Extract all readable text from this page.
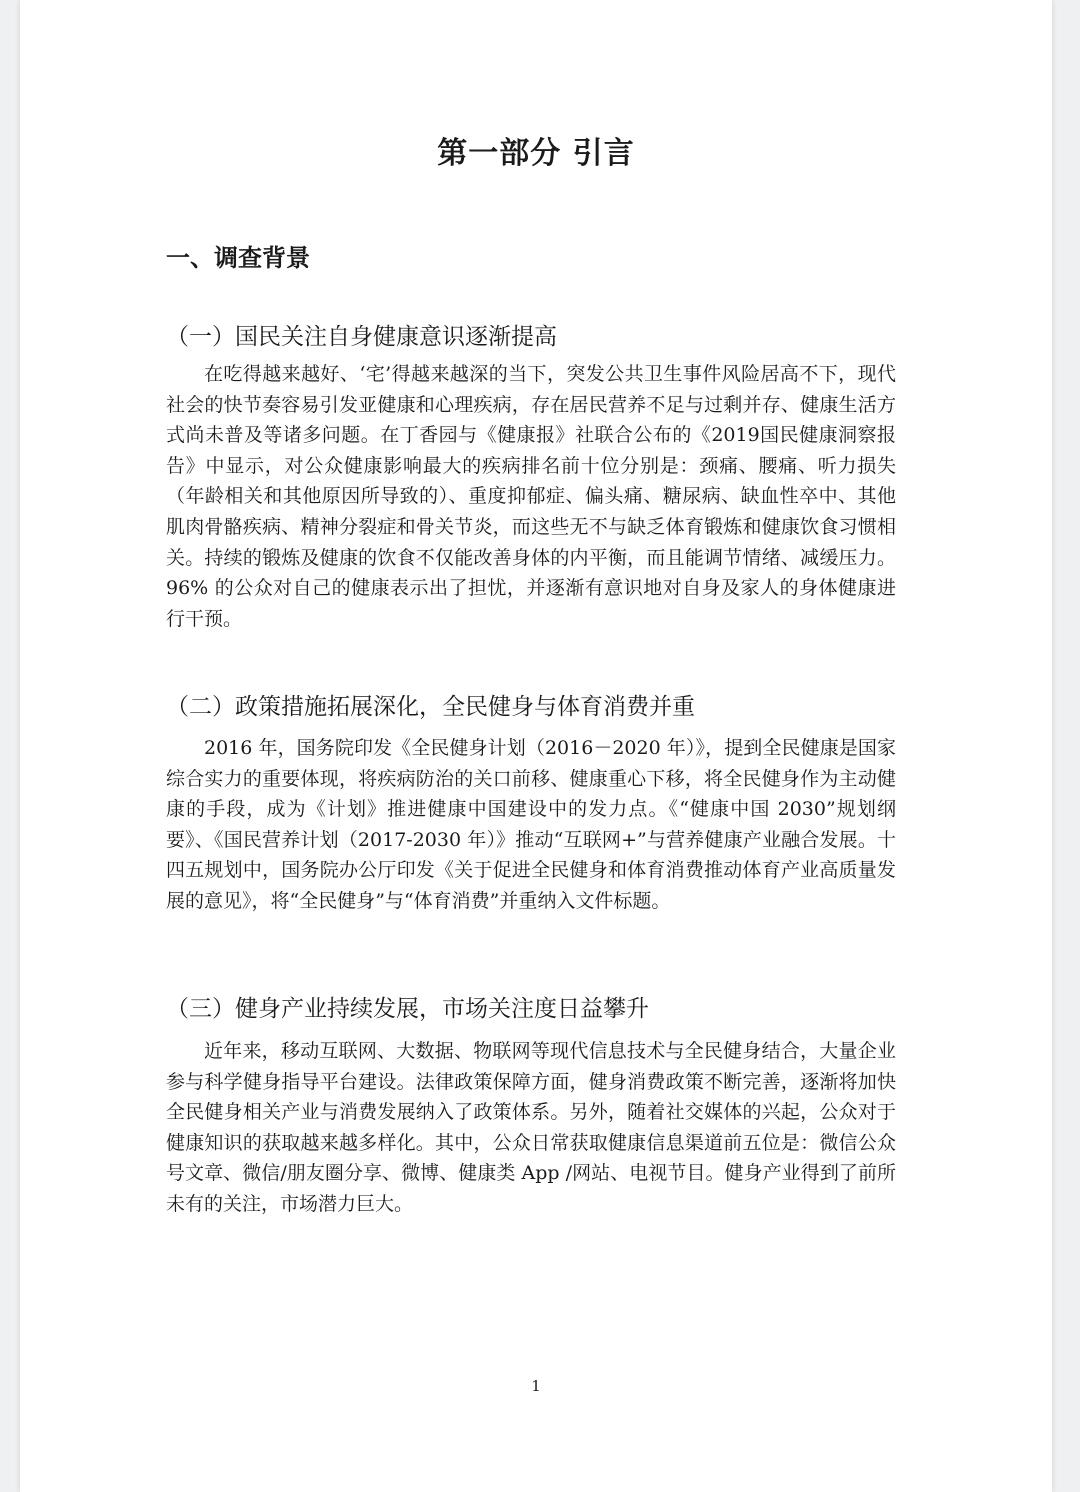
第一部分 引言
一、调查背景
（一）国民关注自身健康意识逐渐提高
在吃得越来越好、‘宅’得越来越深的当下，突发公共卫生事件风险居高不下，现代社会的快节奏容易引发亚健康和心理疾病，存在居民营养不足与过剩并存、健康生活方式尚未普及等诸多问题。在丁香园与《健康报》社联合公布的《2019国民健康洞察报告》中显示，对公众健康影响最大的疾病排名前十位分别是：颈痛、腰痛、听力损失（年龄相关和其他原因所导致的）、重度抑郁症、偏头痛、糖尿病、缺血性卒中、其他肌肉骨骼疾病、精神分裂症和骨关节炎，而这些无不与缺乏体育锻炼和健康饮食习惯相关。持续的锻炼及健康的饮食不仅能改善身体的内平衡，而且能调节情绪、减缓压力。96% 的公众对自己的健康表示出了担忧，并逐渐有意识地对自身及家人的身体健康进行干预。
（二）政策措施拓展深化，全民健身与体育消费并重
2016 年，国务院印发《全民健身计划（2016－2020 年）》，提到全民健康是国家综合实力的重要体现，将疾病防治的关口前移、健康重心下移，将全民健身作为主动健康的手段，成为《计划》推进健康中国建设中的发力点。《“健康中国 2030”规划纲要》、《国民营养计划（2017-2030 年）》推动“互联网+”与营养健康产业融合发展。十四五规划中，国务院办公厅印发《关于促进全民健身和体育消费推动体育产业高质量发展的意见》，将“全民健身”与“体育消费”并重纳入文件标题。
（三）健身产业持续发展，市场关注度日益攀升
近年来，移动互联网、大数据、物联网等现代信息技术与全民健身结合，大量企业参与科学健身指导平台建设。法律政策保障方面，健身消费政策不断完善，逐渐将加快全民健身相关产业与消费发展纳入了政策体系。另外，随着社交媒体的兴起，公众对于健康知识的获取越来越多样化。其中，公众日常获取健康信息渠道前五位是：微信公众号文章、微信/朋友圈分享、微博、健康类 App /网站、电视节目。健身产业得到了前所未有的关注，市场潜力巨大。
1
